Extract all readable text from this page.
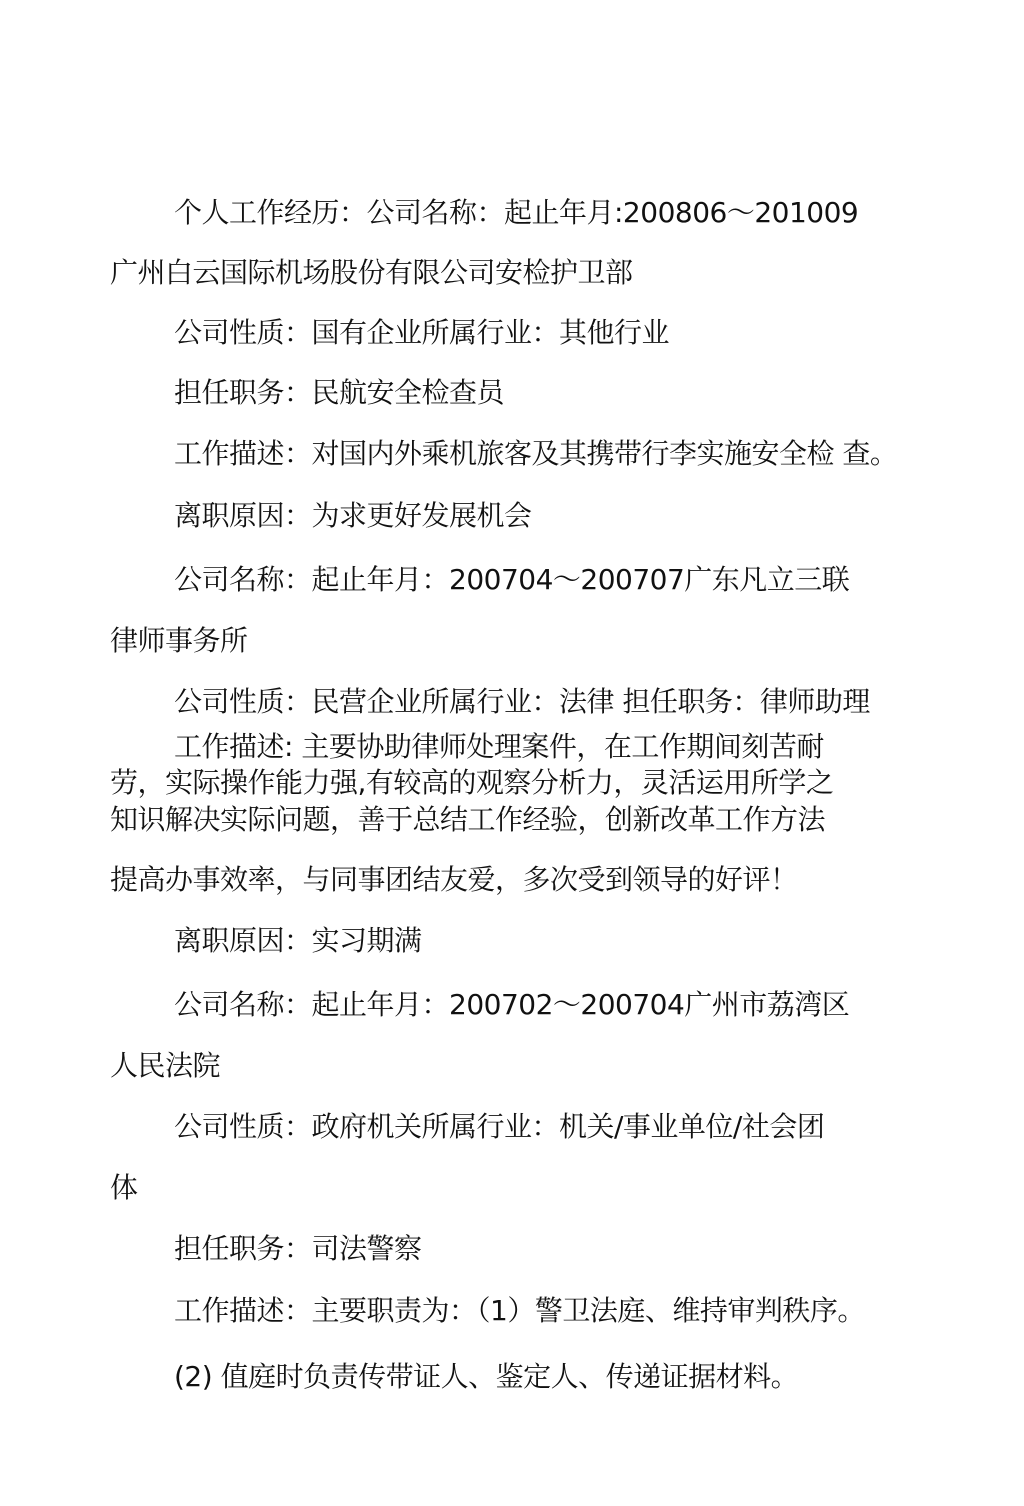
个人工作经历：公司名称：起止年月:200806～201009
广州白云国际机场股份有限公司安检护卫部
公司性质：国有企业所属行业：其他行业
担任职务：民航安全检查员
工作描述：对国内外乘机旅客及其携带行李实施安全检 查。
离职原因：为求更好发展机会
公司名称：起止年月：200704～200707广东凡立三联
律师事务所
公司性质：民营企业所属行业：法律 担任职务：律师助理
工作描述: 主要协助律师处理案件，在工作期间刻苦耐
劳，实际操作能力强,有较高的观察分析力，灵活运用所学之
知识解决实际问题，善于总结工作经验，创新改革工作方法
提高办事效率，与同事团结友爱，多次受到领导的好评！
离职原因：实习期满
公司名称：起止年月：200702～200704广州市荔湾区
人民法院
公司性质：政府机关所属行业：机关/事业单位/社会团
体
担任职务：司法警察
工作描述：主要职责为：（1）警卫法庭、维持审判秩序。
(2) 值庭时负责传带证人、鉴定人、传递证据材料。
